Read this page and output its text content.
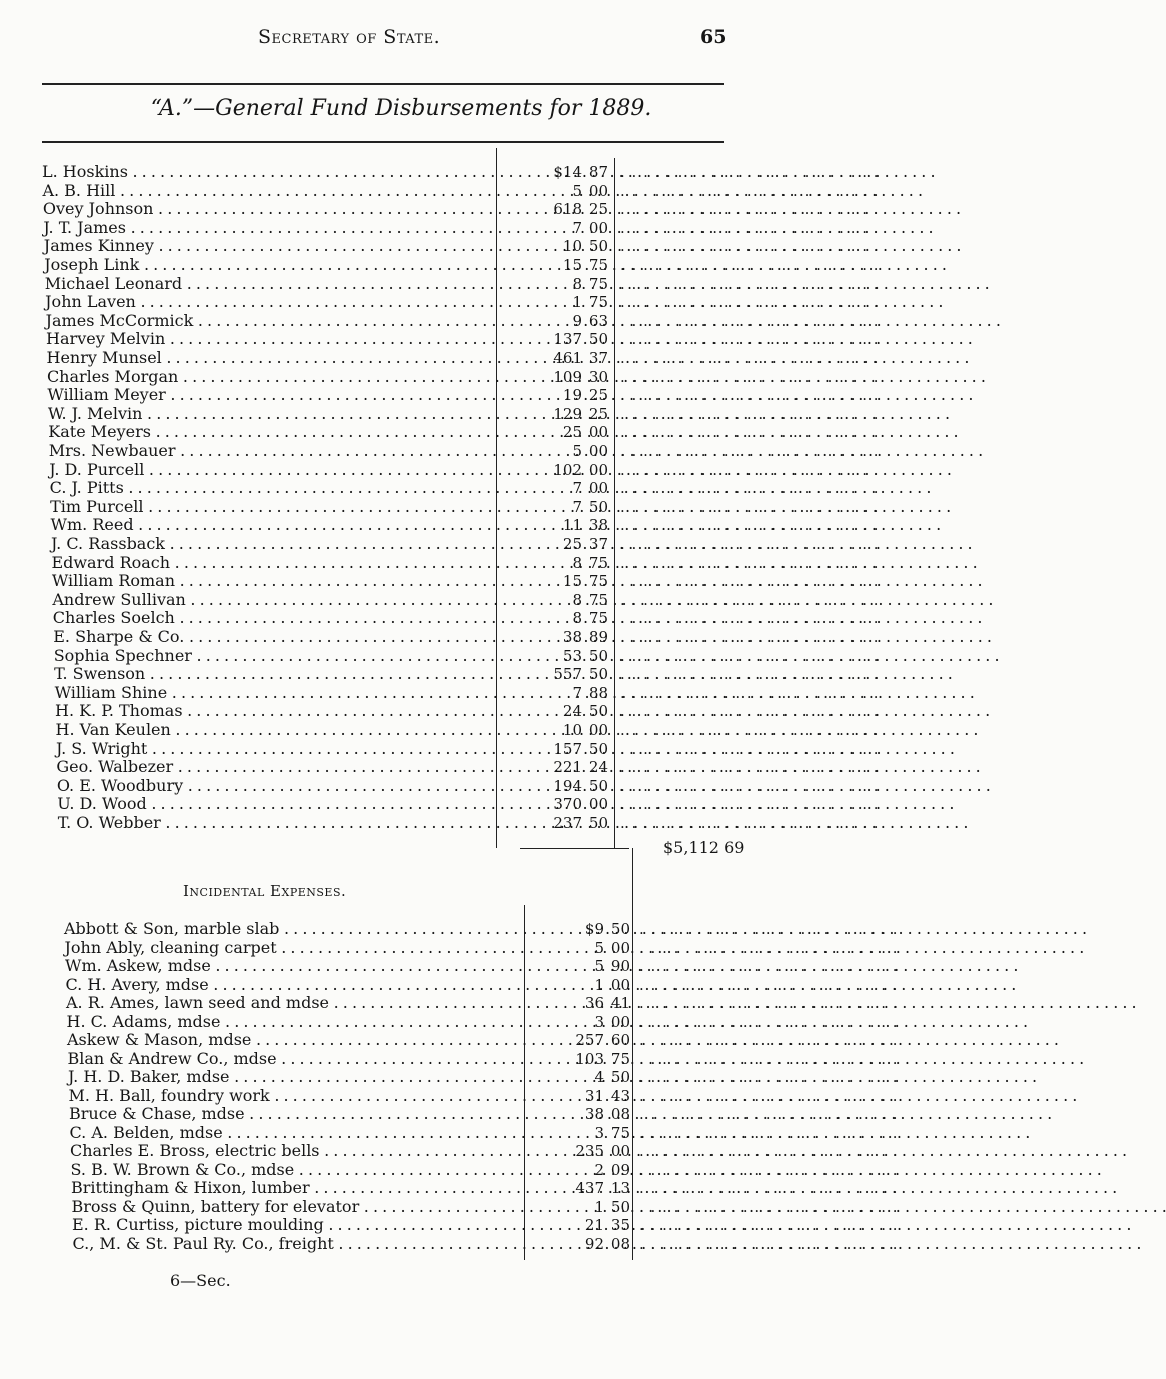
Secretary of State.	65
“A.”—General Fund Disbursements for 1889.
L. Hoskins . . .	$14 87 . . . . . . . . . . . . . . . . . . . . . . .
A. B. Hill . . .	5 00 . . . . . . . . . . . . . . . . . . . . . . .
Ovey Johnson . . .	618 25 . . . . . . . . . . . . . . . . . . . . . . .
J. T. James . . .	7 00 . . . . . . . . . . . . . . . . . . . . . . .
James Kinney . . .	10 50 . . . . . . . . . . . . . . . . . . . . . . .
Joseph Link . . .	15 75 . . . . . . . . . . . . . . . . . . . . . . .
Michael Leonard . . .	8 75 . . . . . . . . . . . . . . . . . . . . . . .
John Laven . . .	1 75 . . . . . . . . . . . . . . . . . . . . . . .
James McCormick . . .	9 63 . . . . . . . . . . . . . . . . . . . . . . .
Harvey Melvin . . .	137 50 . . . . . . . . . . . . . . . . . . . . . . .
Henry Munsel . . .	461 37 . . . . . . . . . . . . . . . . . . . . . . .
Charles Morgan . . .	109 30 . . . . . . . . . . . . . . . . . . . . . . .
William Meyer . . .	19 25 . . . . . . . . . . . . . . . . . . . . . . .
W. J. Melvin . . .	129 25 . . . . . . . . . . . . . . . . . . . . . . .
Kate Meyers . . .	25 00 . . . . . . . . . . . . . . . . . . . . . . .
Mrs. Newbauer . . .	5 00 . . . . . . . . . . . . . . . . . . . . . . .
J. D. Purcell . . .	102 00 . . . . . . . . . . . . . . . . . . . . . . .
C. J. Pitts . . .	7 00 . . . . . . . . . . . . . . . . . . . . . . .
Tim Purcell . . .	7 50 . . . . . . . . . . . . . . . . . . . . . . .
Wm. Reed . . .	11 38 . . . . . . . . . . . . . . . . . . . . . . .
J. C. Rassback . . .	25 37 . . . . . . . . . . . . . . . . . . . . . . .
Edward Roach . . .	8 75 . . . . . . . . . . . . . . . . . . . . . . .
William Roman . . .	15 75 . . . . . . . . . . . . . . . . . . . . . . .
Andrew Sullivan . . .	8 75 . . . . . . . . . . . . . . . . . . . . . . .
Charles Soelch . . .	8 75 . . . . . . . . . . . . . . . . . . . . . . .
E. Sharpe & Co. . . .	38 89 . . . . . . . . . . . . . . . . . . . . . . .
Sophia Spechner . . .	53 50 . . . . . . . . . . . . . . . . . . . . . . .
T. Swenson . . .	557 50 . . . . . . . . . . . . . . . . . . . . . . .
William Shine . . .	7 88 . . . . . . . . . . . . . . . . . . . . . . .
H. K. P. Thomas . . .	24 50 . . . . . . . . . . . . . . . . . . . . . . .
H. Van Keulen . . .	10 00 . . . . . . . . . . . . . . . . . . . . . . .
J. S. Wright . . .	157 50 . . . . . . . . . . . . . . . . . . . . . . .
Geo. Walbezer . . .	221 24 . . . . . . . . . . . . . . . . . . . . . . .
O. E. Woodbury . . .	194 50 . . . . . . . . . . . . . . . . . . . . . . .
U. D. Wood . . .	370 00 . . . . . . . . . . . . . . . . . . . . . . .
T. O. Webber . . .	237 50 . . . . . . . . . . . . . . . . . . . . . . .
$5,112 69
Incidental Expenses.
Abbott & Son, marble slab . . .	$9 50 . . . . . . . . . . . . . . . . . . . . . . .
John Ably, cleaning carpet . . .	5 00 . . . . . . . . . . . . . . . . . . . . . . .
Wm. Askew, mdse . . .	5 90 . . . . . . . . . . . . . . . . . . . . . . .
C. H. Avery, mdse . . .	1 00 . . . . . . . . . . . . . . . . . . . . . . .
A. R. Ames, lawn seed and mdse . . .	36 41 . . . . . . . . . . . . . . . . . . . . . . .
H. C. Adams, mdse . . .	3 00 . . . . . . . . . . . . . . . . . . . . . . .
Askew & Mason, mdse . . .	257 60 . . . . . . . . . . . . . . . . . . . . . . .
Blan & Andrew Co., mdse . . .	103 75 . . . . . . . . . . . . . . . . . . . . . . .
J. H. D. Baker, mdse . . .	4 50 . . . . . . . . . . . . . . . . . . . . . . .
M. H. Ball, foundry work . . .	31 43 . . . . . . . . . . . . . . . . . . . . . . .
Bruce & Chase, mdse . . .	38 08 . . . . . . . . . . . . . . . . . . . . . . .
C. A. Belden, mdse . . .	3 75 . . . . . . . . . . . . . . . . . . . . . . .
Charles E. Bross, electric bells . . .	235 00 . . . . . . . . . . . . . . . . . . . . . . .
S. B. W. Brown & Co., mdse . . .	2 09 . . . . . . . . . . . . . . . . . . . . . . .
Brittingham & Hixon, lumber . . .	437 13 . . . . . . . . . . . . . . . . . . . . . . .
Bross & Quinn, battery for elevator . . .	1 50 . . . . . . . . . . . . . . . . . . . . . . .
E. R. Curtiss, picture moulding . . .	21 35 . . . . . . . . . . . . . . . . . . . . . . .
C., M. & St. Paul Ry. Co., freight . . .	92 08 . . . . . . . . . . . . . . . . . . . . . . .
6—Sec.
